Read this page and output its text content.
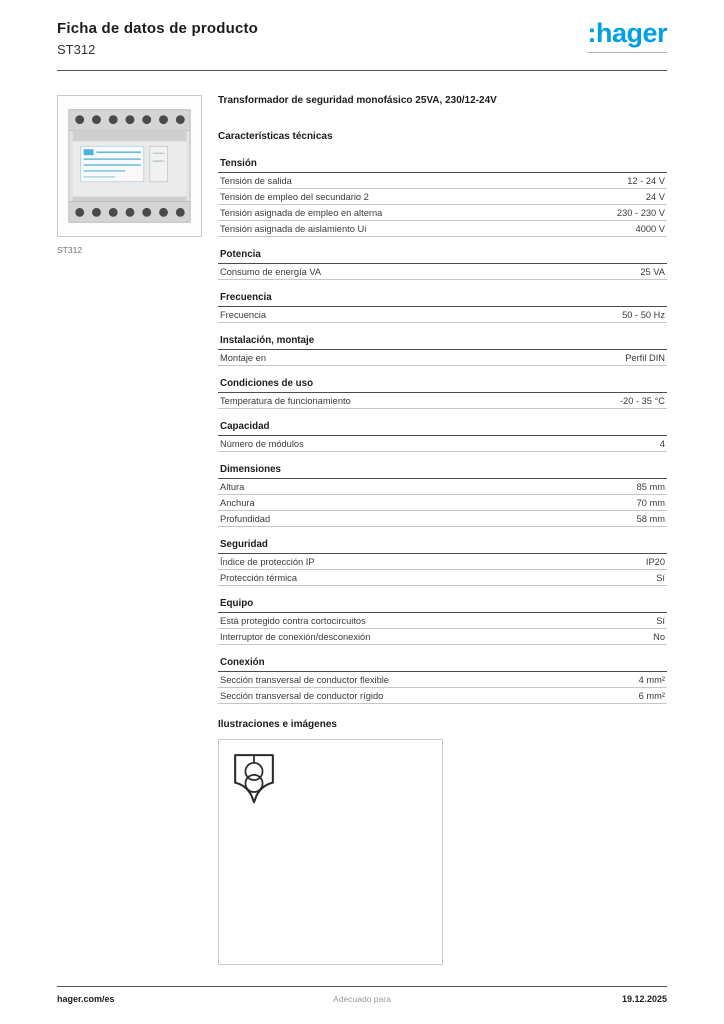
Ficha de datos de producto
ST312
:hager
ST312
Transformador de seguridad monofásico 25VA, 230/12-24V
Características técnicas
Tensión
Tensión de salida	12 - 24 V
Tensión de empleo del secundario 2	24 V
Tensión asignada de empleo en alterna	230 - 230 V
Tensión asignada de aislamiento Ui	4000 V
Potencia
Consumo de energía VA	25 VA
Frecuencia
Frecuencia	50 - 50 Hz
Instalación, montaje
Montaje en	Perfil DIN
Condiciones de uso
Temperatura de funcionamiento	-20 - 35 °C
Capacidad
Número de módulos	4
Dimensiones
Altura	85 mm
Anchura	70 mm
Profundidad	58 mm
Seguridad
Índice de protección IP	IP20
Protección térmica	Sí
Equipo
Está protegido contra cortocircuitos	Sí
Interruptor de conexión/desconexión	No
Conexión
Sección transversal de conductor flexible	4 mm²
Sección transversal de conductor rígido	6 mm²
Ilustraciones e imágenes
hager.com/es	Adecuado para	19.12.2025
